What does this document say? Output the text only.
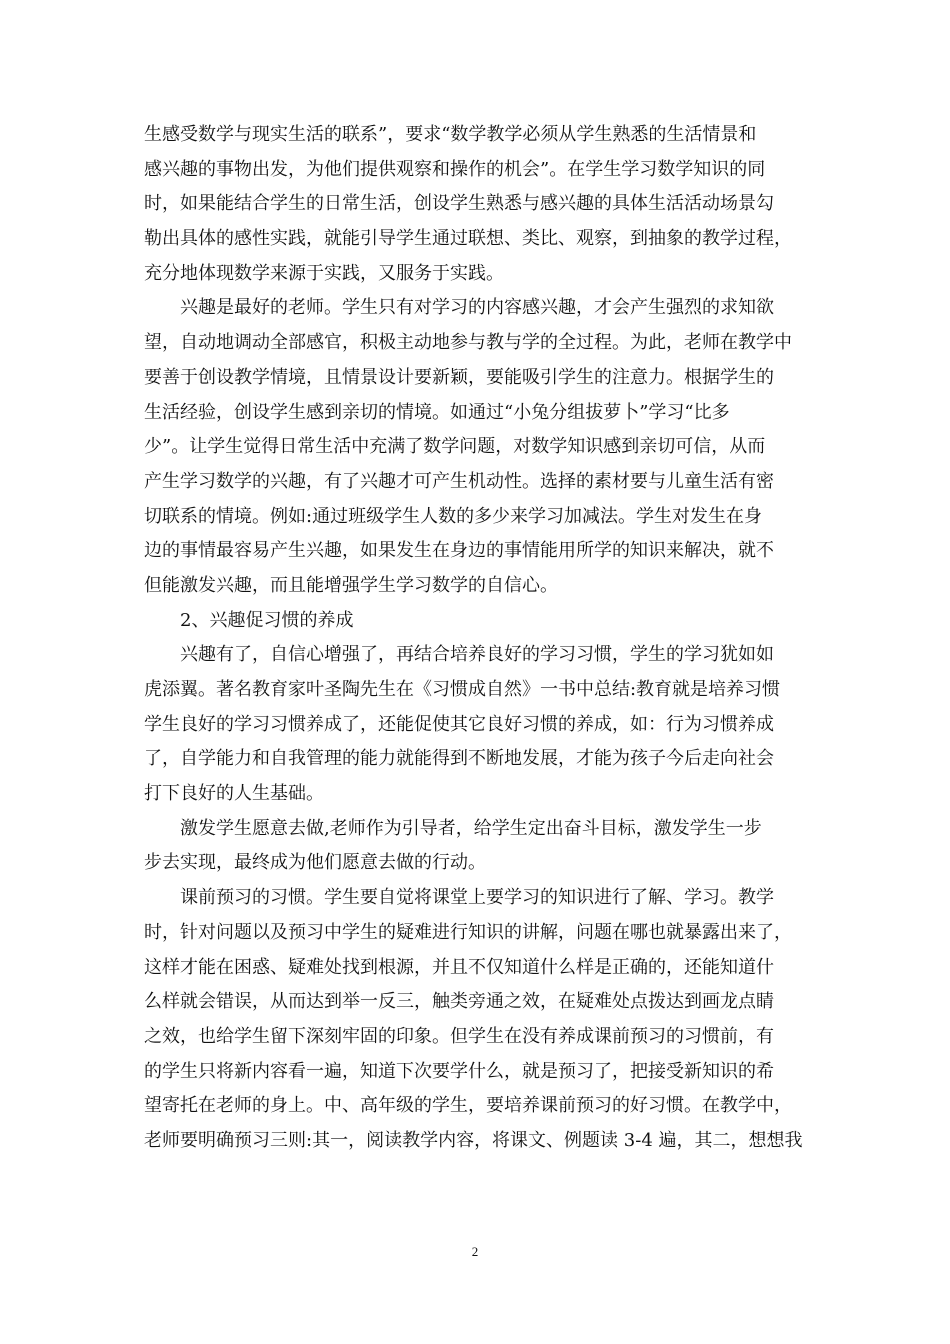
生感受数学与现实生活的联系”，要求“数学教学必须从学生熟悉的生活情景和
感兴趣的事物出发，为他们提供观察和操作的机会”。在学生学习数学知识的同
时，如果能结合学生的日常生活，创设学生熟悉与感兴趣的具体生活活动场景勾
勒出具体的感性实践，就能引导学生通过联想、类比、观察，到抽象的教学过程，
充分地体现数学来源于实践，又服务于实践。
兴趣是最好的老师。学生只有对学习的内容感兴趣，才会产生强烈的求知欲
望，自动地调动全部感官，积极主动地参与教与学的全过程。为此，老师在教学中
要善于创设教学情境，且情景设计要新颖，要能吸引学生的注意力。根据学生的
生活经验，创设学生感到亲切的情境。如通过“小兔分组拔萝卜”学习“比多
少”。让学生觉得日常生活中充满了数学问题，对数学知识感到亲切可信，从而
产生学习数学的兴趣，有了兴趣才可产生机动性。选择的素材要与儿童生活有密
切联系的情境。例如:通过班级学生人数的多少来学习加减法。学生对发生在身
边的事情最容易产生兴趣，如果发生在身边的事情能用所学的知识来解决，就不
但能激发兴趣，而且能增强学生学习数学的自信心。
2、兴趣促习惯的养成
兴趣有了，自信心增强了，再结合培养良好的学习习惯，学生的学习犹如如
虎添翼。著名教育家叶圣陶先生在《习惯成自然》一书中总结:教育就是培养习惯
学生良好的学习习惯养成了，还能促使其它良好习惯的养成，如：行为习惯养成
了，自学能力和自我管理的能力就能得到不断地发展，才能为孩子今后走向社会
打下良好的人生基础。
激发学生愿意去做,老师作为引导者，给学生定出奋斗目标，激发学生一步
步去实现，最终成为他们愿意去做的行动。
课前预习的习惯。学生要自觉将课堂上要学习的知识进行了解、学习。教学
时，针对问题以及预习中学生的疑难进行知识的讲解，问题在哪也就暴露出来了，
这样才能在困惑、疑难处找到根源，并且不仅知道什么样是正确的，还能知道什
么样就会错误，从而达到举一反三，触类旁通之效，在疑难处点拨达到画龙点睛
之效，也给学生留下深刻牢固的印象。但学生在没有养成课前预习的习惯前，有
的学生只将新内容看一遍，知道下次要学什么，就是预习了，把接受新知识的希
望寄托在老师的身上。中、高年级的学生，要培养课前预习的好习惯。在教学中，
老师要明确预习三则:其一，阅读教学内容，将课文、例题读 3-4 遍，其二，想想我
2
